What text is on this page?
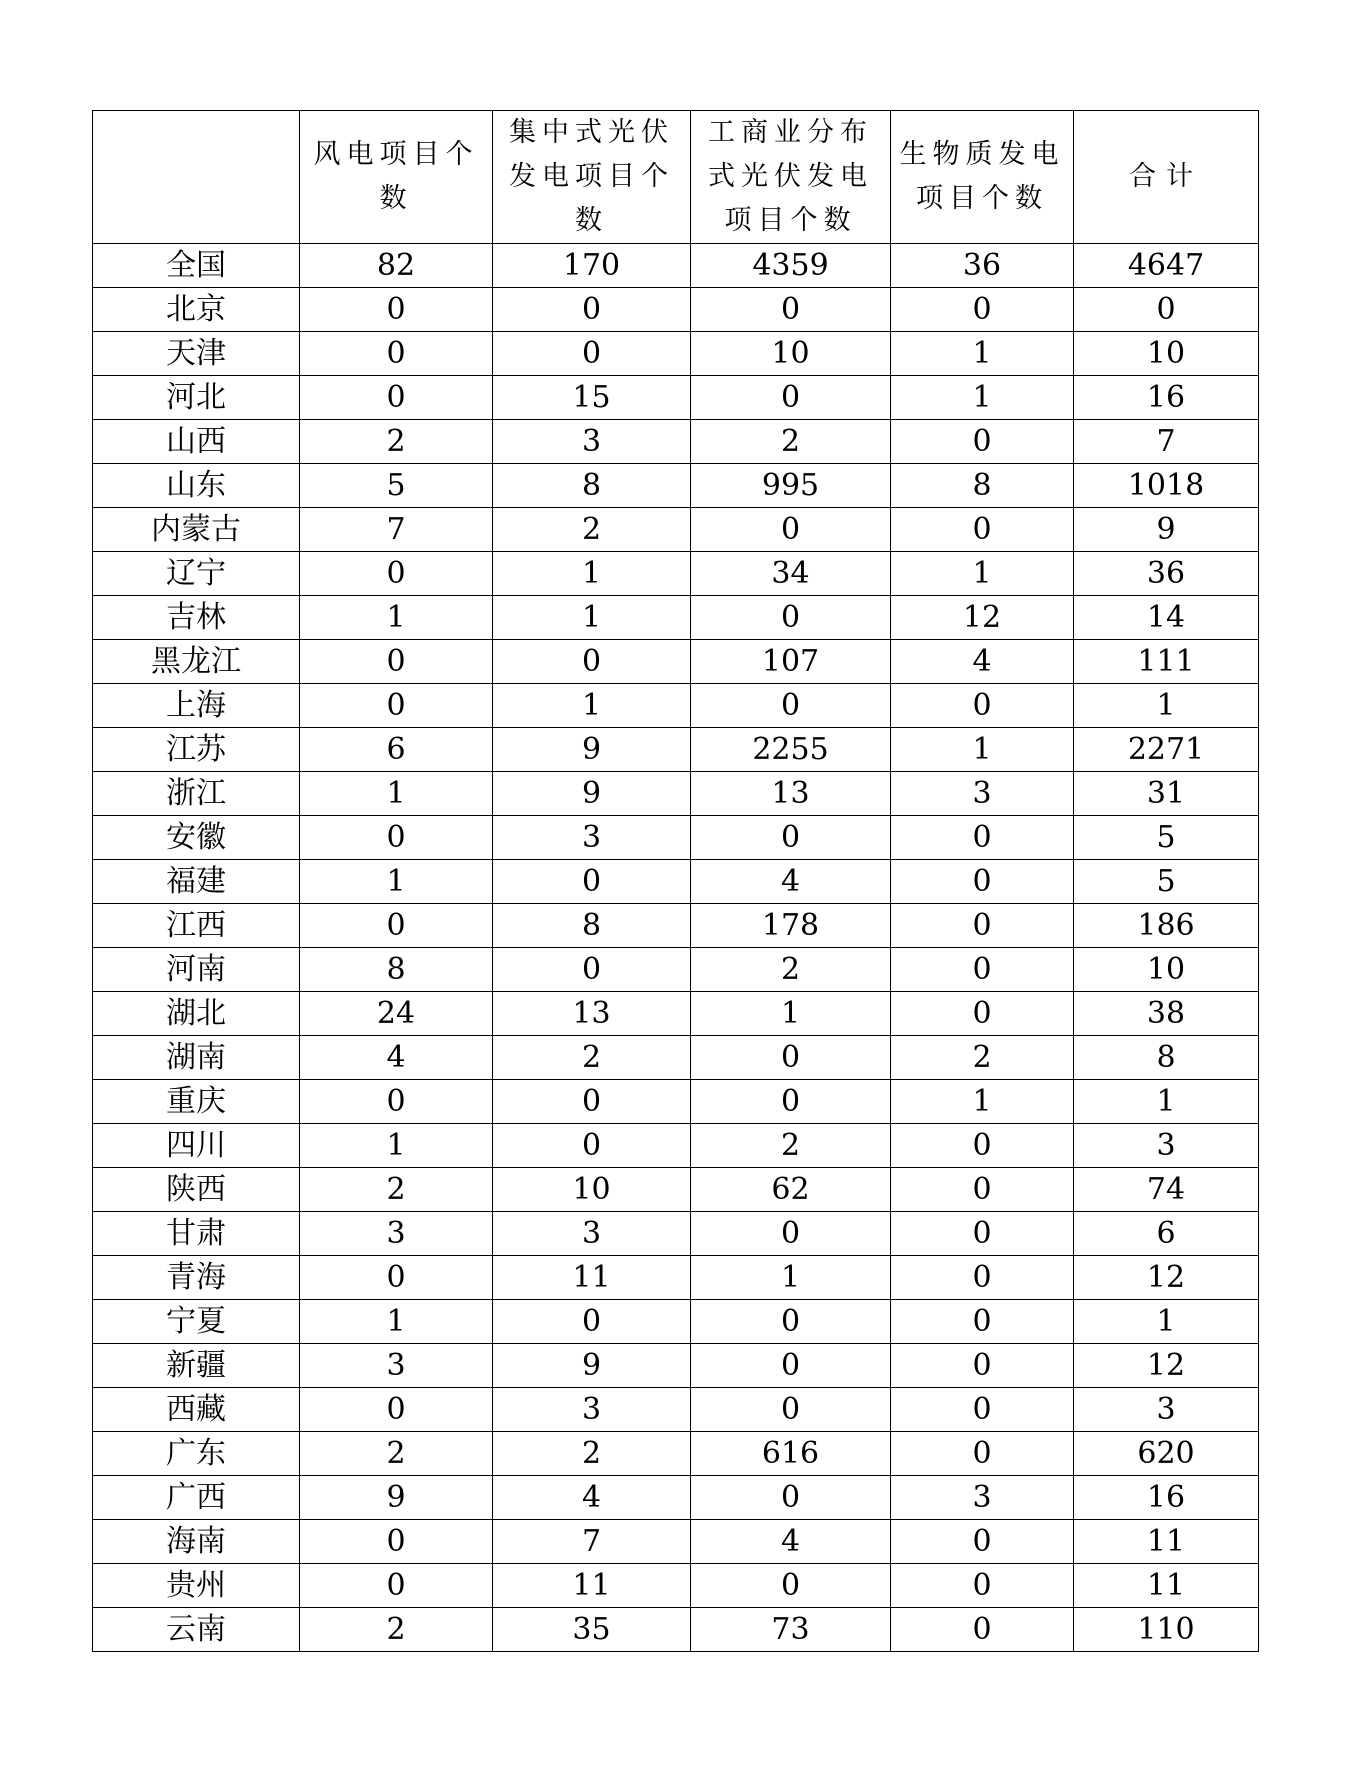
	风电项目个数	集中式光伏发电项目个数	工商业分布式光伏发电项目个数	生物质发电项目个数	合计
全国	82	170	4359	36	4647
北京	0	0	0	0	0
天津	0	0	10	1	10
河北	0	15	0	1	16
山西	2	3	2	0	7
山东	5	8	995	8	1018
内蒙古	7	2	0	0	9
辽宁	0	1	34	1	36
吉林	1	1	0	12	14
黑龙江	0	0	107	4	111
上海	0	1	0	0	1
江苏	6	9	2255	1	2271
浙江	1	9	13	3	31
安徽	0	3	0	0	5
福建	1	0	4	0	5
江西	0	8	178	0	186
河南	8	0	2	0	10
湖北	24	13	1	0	38
湖南	4	2	0	2	8
重庆	0	0	0	1	1
四川	1	0	2	0	3
陕西	2	10	62	0	74
甘肃	3	3	0	0	6
青海	0	11	1	0	12
宁夏	1	0	0	0	1
新疆	3	9	0	0	12
西藏	0	3	0	0	3
广东	2	2	616	0	620
广西	9	4	0	3	16
海南	0	7	4	0	11
贵州	0	11	0	0	11
云南	2	35	73	0	110
